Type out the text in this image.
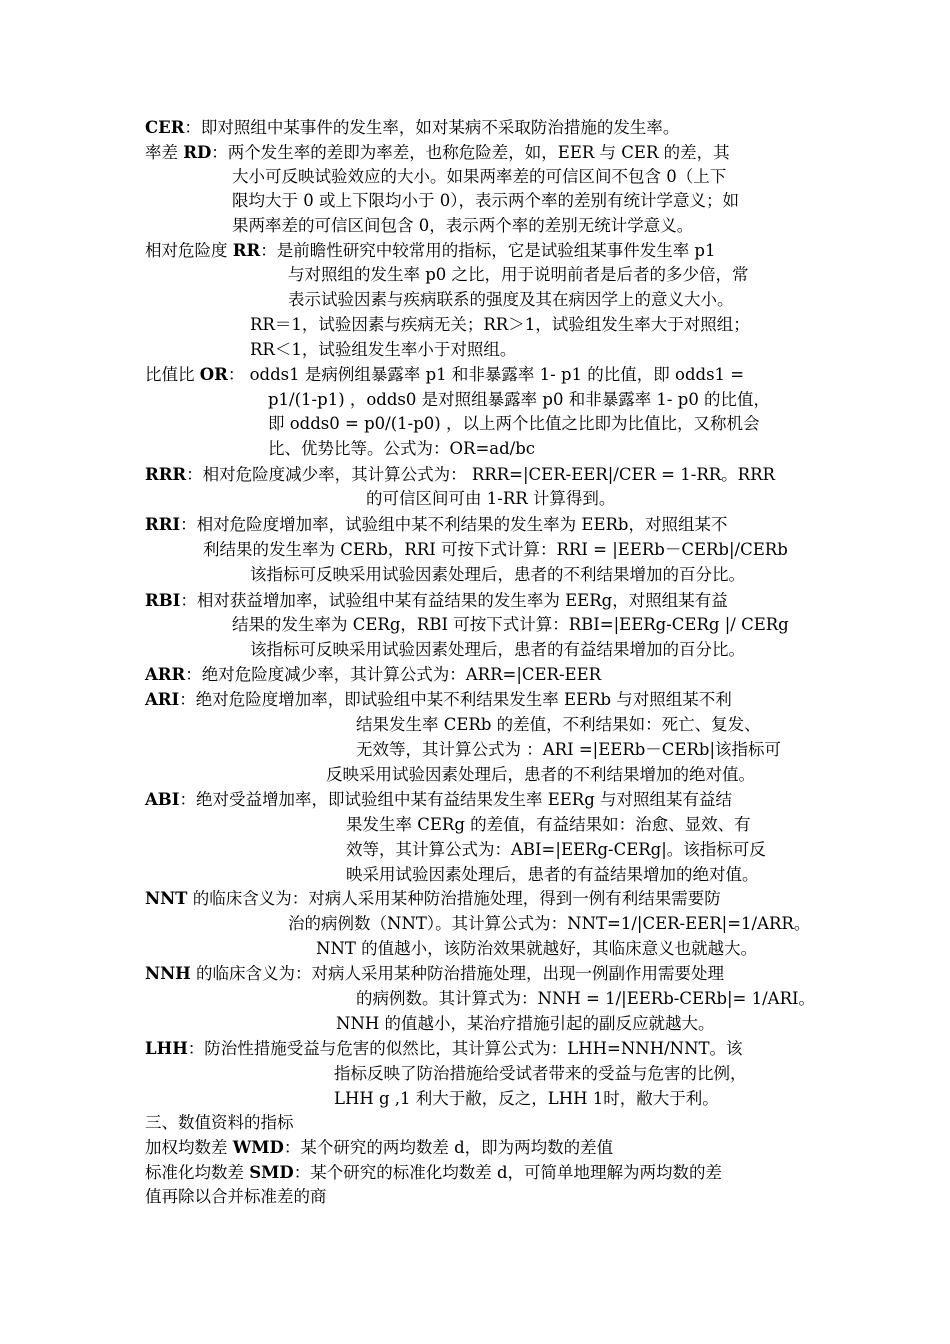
CER：即对照组中某事件的发生率，如对某病不采取防治措施的发生率。
率差 RD：两个发生率的差即为率差，也称危险差，如，EER 与 CER 的差，其
大小可反映试验效应的大小。如果两率差的可信区间不包含 0（上下
限均大于 0 或上下限均小于 0），表示两个率的差别有统计学意义；如
果两率差的可信区间包含 0，表示两个率的差别无统计学意义。
相对危险度 RR：是前瞻性研究中较常用的指标，它是试验组某事件发生率 p1
与对照组的发生率 p0 之比，用于说明前者是后者的多少倍，常
表示试验因素与疾病联系的强度及其在病因学上的意义大小。
RR＝1，试验因素与疾病无关；RR＞1，试验组发生率大于对照组；
RR＜1，试验组发生率小于对照组。
比值比 OR： odds1 是病例组暴露率 p1 和非暴露率 1- p1 的比值，即 odds1 =
p1/(1-p1) ，odds0 是对照组暴露率 p0 和非暴露率 1- p0 的比值，
即 odds0 = p0/(1-p0) ，以上两个比值之比即为比值比，又称机会
比、优势比等。公式为：OR=ad/bc
RRR：相对危险度减少率，其计算公式为： RRR=|CER-EER|/CER = 1-RR。RRR
的可信区间可由 1-RR 计算得到。
RRI：相对危险度增加率，试验组中某不利结果的发生率为 EERb，对照组某不
利结果的发生率为 CERb，RRI 可按下式计算：RRI = |EERb－CERb|/CERb
该指标可反映采用试验因素处理后，患者的不利结果增加的百分比。
RBI：相对获益增加率，试验组中某有益结果的发生率为 EERg，对照组某有益
结果的发生率为 CERg，RBI 可按下式计算：RBI=|EERg-CERg |/ CERg
该指标可反映采用试验因素处理后，患者的有益结果增加的百分比。
ARR：绝对危险度减少率，其计算公式为：ARR=|CER-EER
ARI：绝对危险度增加率，即试验组中某不利结果发生率 EERb 与对照组某不利
结果发生率 CERb 的差值，不利结果如：死亡、复发、
无效等，其计算公式为 ：ARI =|EERb－CERb|该指标可
反映采用试验因素处理后，患者的不利结果增加的绝对值。
ABI：绝对受益增加率，即试验组中某有益结果发生率 EERg 与对照组某有益结
果发生率 CERg 的差值，有益结果如：治愈、显效、有
效等，其计算公式为：ABI=|EERg-CERg|。该指标可反
映采用试验因素处理后，患者的有益结果增加的绝对值。
NNT 的临床含义为：对病人采用某种防治措施处理，得到一例有利结果需要防
治的病例数（NNT）。其计算公式为：NNT=1/|CER-EER|=1/ARR。
NNT 的值越小，该防治效果就越好，其临床意义也就越大。
NNH 的临床含义为：对病人采用某种防治措施处理，出现一例副作用需要处理
的病例数。其计算式为：NNH = 1/|EERb-CERb|= 1/ARI。
NNH 的值越小，某治疗措施引起的副反应就越大。
LHH：防治性措施受益与危害的似然比，其计算公式为：LHH=NNH/NNT。该
指标反映了防治措施给受试者带来的受益与危害的比例，
LHH g ,1 利大于敝，反之，LHH 1时，敝大于利。
三、数值资料的指标
加权均数差 WMD：某个研究的两均数差 d，即为两均数的差值
标准化均数差 SMD：某个研究的标准化均数差 d，可简单地理解为两均数的差
值再除以合并标准差的商
